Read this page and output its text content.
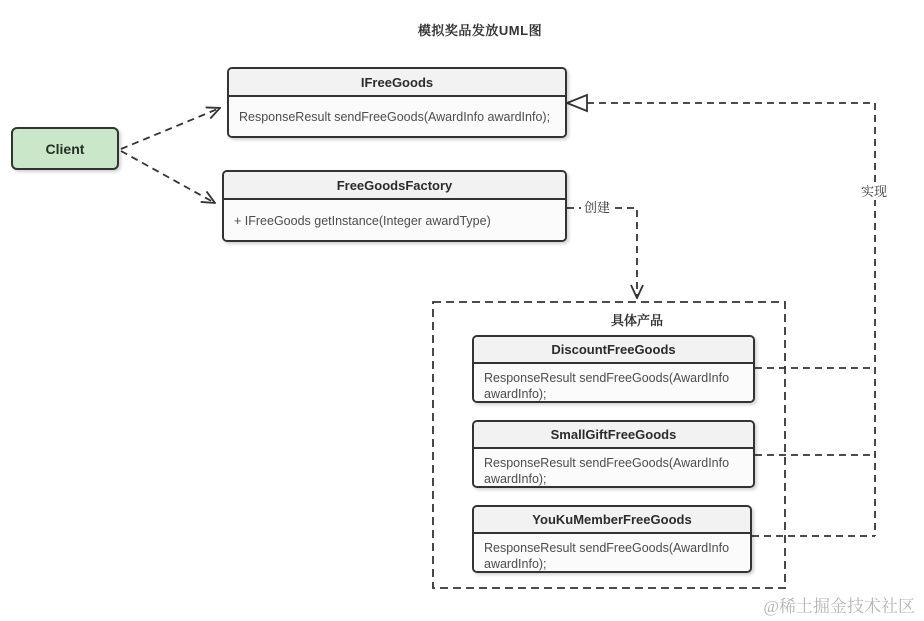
模拟奖品发放UML图
Client
IFreeGoods
ResponseResult sendFreeGoods(AwardInfo awardInfo);
FreeGoodsFactory
+ IFreeGoods getInstance(Integer awardType)
具体产品
DiscountFreeGoods
ResponseResult sendFreeGoods(AwardInfo awardInfo);
SmallGiftFreeGoods
ResponseResult sendFreeGoods(AwardInfo awardInfo);
YouKuMemberFreeGoods
ResponseResult sendFreeGoods(AwardInfo awardInfo);
创建
实现
@稀土掘金技术社区
